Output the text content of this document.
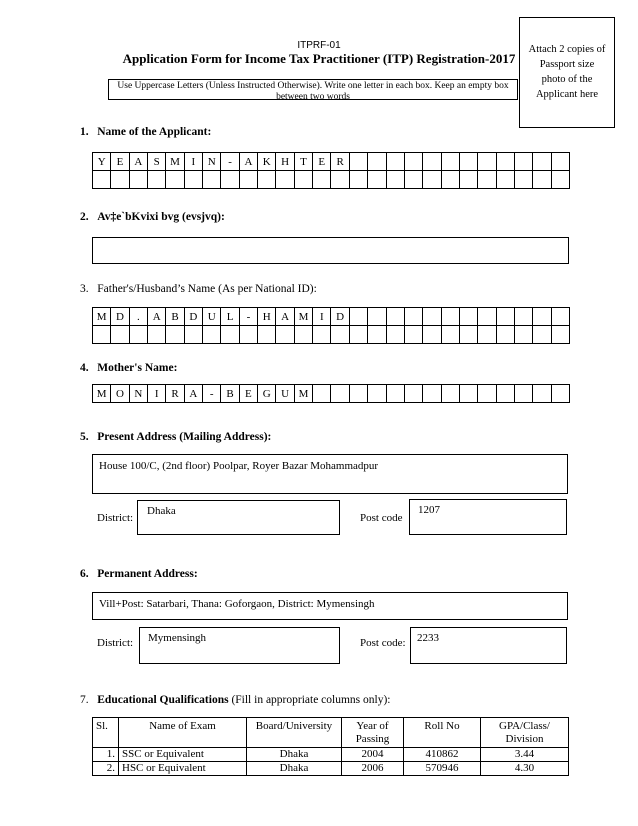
ITPRF-01
Application Form for Income Tax Practitioner (ITP) Registration-2017
Use Uppercase Letters (Unless Instructed Otherwise). Write one letter in each box. Keep an empty box between two words
Attach 2 copies of
Passport size
photo of the
Applicant here
1. Name of the Applicant:
Y	E	A	S	M	I	N	-	A	K	H	T	E	R												

2. Av‡e`bKvixi bvg (evsjvq):
3. Father's/Husband’s Name (As per National ID):
M	D	.	A	B	D	U	L	-	H	A	M	I	D												

4. Mother's Name:
M	O	N	I	R	A	-	B	E	G	U	M														
5. Present Address (Mailing Address):
House 100/C, (2nd floor) Poolpar, Royer Bazar Mohammadpur
District:
Dhaka
Post code
1207
6. Permanent Address:
Vill+Post: Satarbari, Thana: Goforgaon, District: Mymensingh
District: Mymensingh	Post code: 2233
7. Educational Qualifications (Fill in appropriate columns only):
Sl.	Name of Exam	Board/University	Year of Passing	Roll No	GPA/Class/ Division
1.	SSC or Equivalent	Dhaka	2004	410862	3.44
2.	HSC or Equivalent	Dhaka	2006	570946	4.30
